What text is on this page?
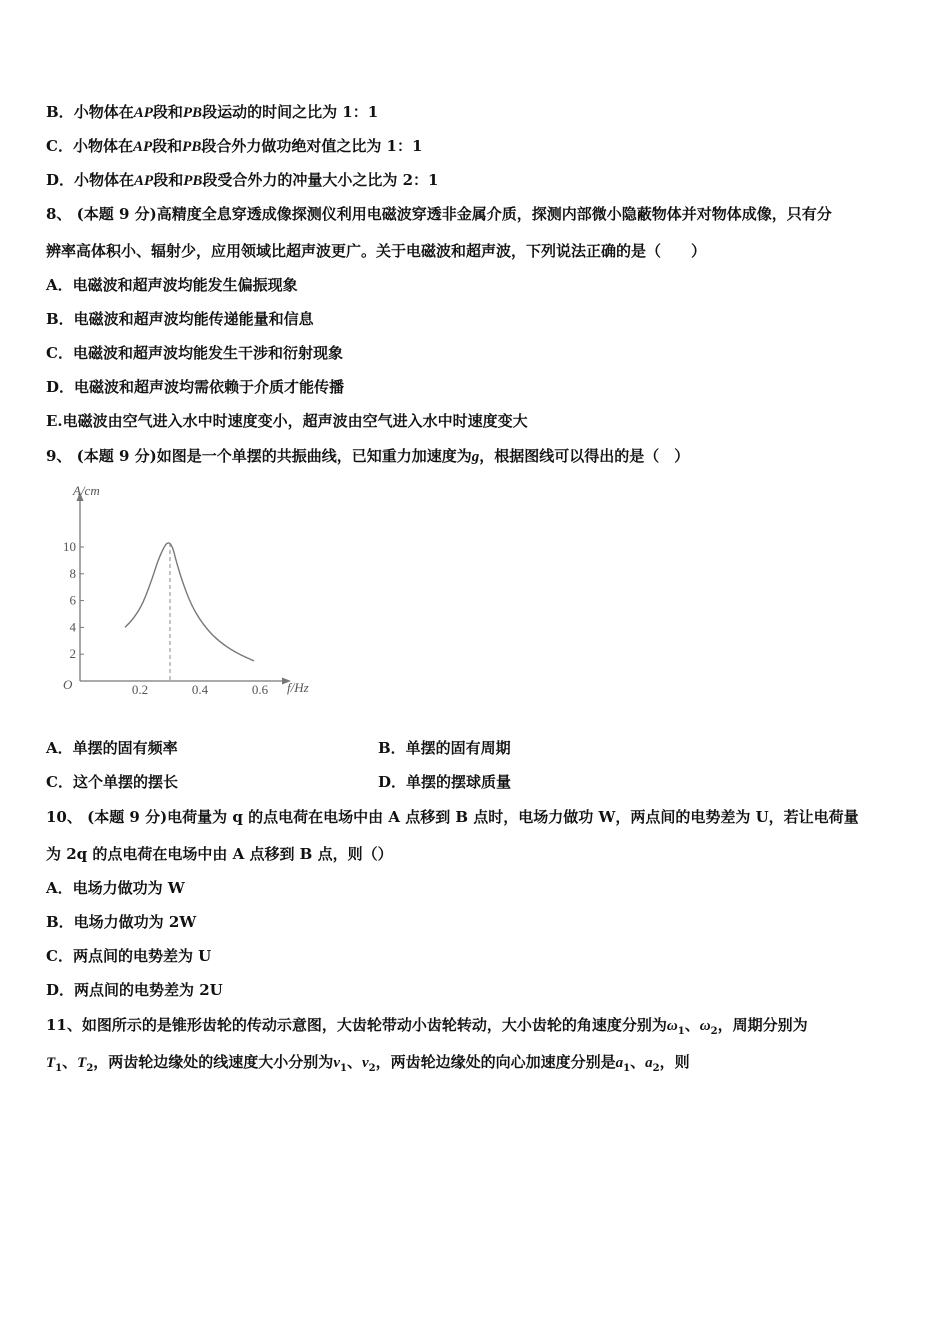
B．小物体在AP段和PB段运动的时间之比为 1：1

C．小物体在AP段和PB段合外力做功绝对值之比为 1：1

D．小物体在AP段和PB段受合外力的冲量大小之比为 2：1

8、 (本题 9 分)高精度全息穿透成像探测仪利用电磁波穿透非金属介质，探测内部微小隐蔽物体并对物体成像，只有分

辨率高体积小、辐射少，应用领域比超声波更广。关于电磁波和超声波，下列说法正确的是（　　）

A．电磁波和超声波均能发生偏振现象

B．电磁波和超声波均能传递能量和信息

C．电磁波和超声波均能发生干涉和衍射现象

D．电磁波和超声波均需依赖于介质才能传播

E.电磁波由空气进入水中时速度变小，超声波由空气进入水中时速度变大

9、 (本题 9 分)如图是一个单摆的共振曲线，已知重力加速度为g，根据图线可以得出的是（　）

2
4
6
8
10
0.2	0.4	0.6
A/cm
f/Hz
O

A．单摆的固有频率	B．单摆的固有周期

C．这个单摆的摆长	D．单摆的摆球质量

10、 (本题 9 分)电荷量为 q 的点电荷在电场中由 A 点移到 B 点时，电场力做功 W，两点间的电势差为 U，若让电荷量

为 2q 的点电荷在电场中由 A 点移到 B 点，则（）

A．电场力做功为 W

B．电场力做功为 2W

C．两点间的电势差为 U

D．两点间的电势差为 2U

11、如图所示的是锥形齿轮的传动示意图，大齿轮带动小齿轮转动，大小齿轮的角速度分别为$\omega_1$、$\omega_2$，周期分别为

$T_1$、$T_2$，两齿轮边缘处的线速度大小分别为$v_1$、$v_2$，两齿轮边缘处的向心加速度分别是$a_1$、$a_2$，则
